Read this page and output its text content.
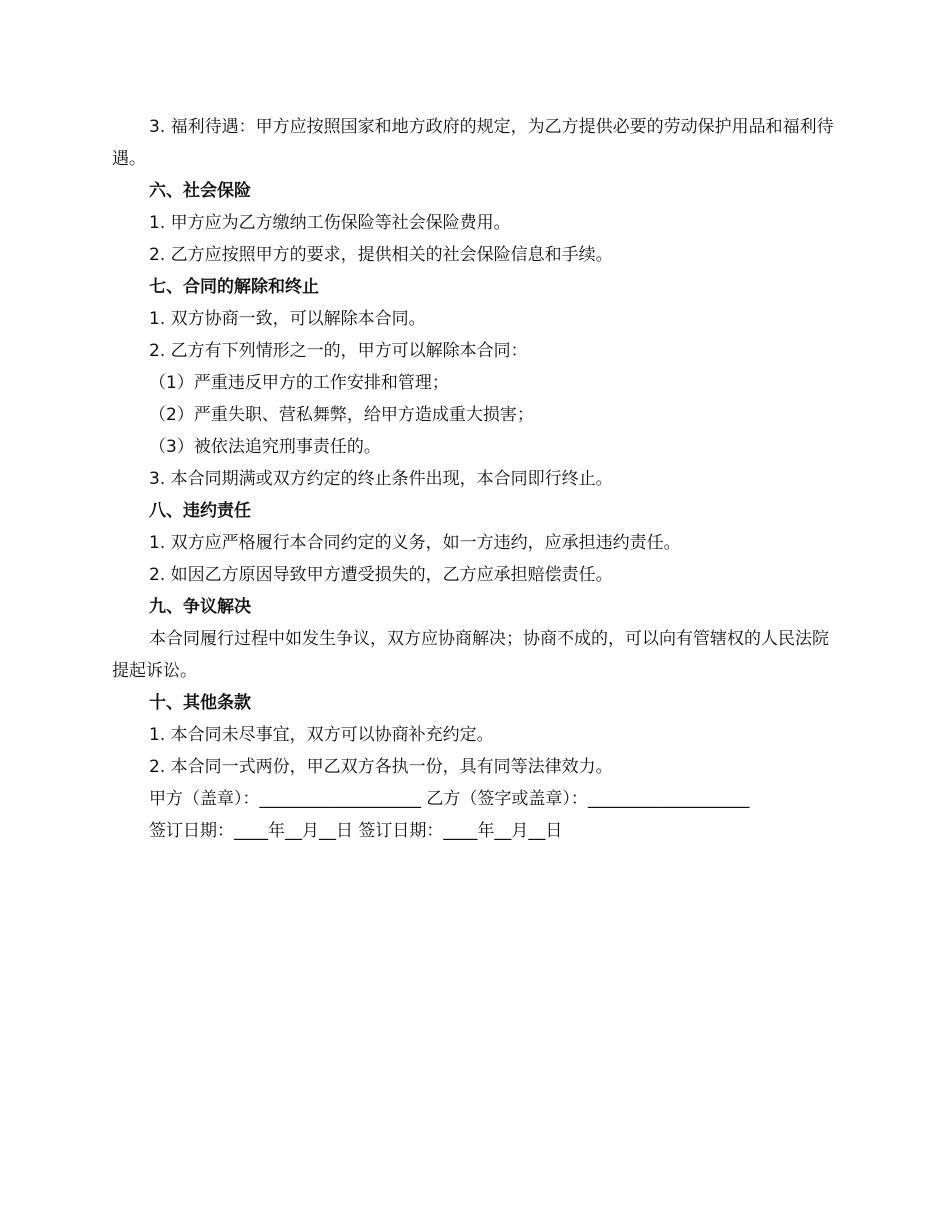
3. 福利待遇：甲方应按照国家和地方政府的规定，为乙方提供必要的劳动保护用品和福利待遇。

六、社会保险

1. 甲方应为乙方缴纳工伤保险等社会保险费用。

2. 乙方应按照甲方的要求，提供相关的社会保险信息和手续。

七、合同的解除和终止

1. 双方协商一致，可以解除本合同。

2. 乙方有下列情形之一的，甲方可以解除本合同：

（1）严重违反甲方的工作安排和管理；

（2）严重失职、营私舞弊，给甲方造成重大损害；

（3）被依法追究刑事责任的。

3. 本合同期满或双方约定的终止条件出现，本合同即行终止。

八、违约责任

1. 双方应严格履行本合同约定的义务，如一方违约，应承担违约责任。

2. 如因乙方原因导致甲方遭受损失的，乙方应承担赔偿责任。

九、争议解决

本合同履行过程中如发生争议，双方应协商解决；协商不成的，可以向有管辖权的人民法院提起诉讼。

十、其他条款

1. 本合同未尽事宜，双方可以协商补充约定。

2. 本合同一式两份，甲乙双方各执一份，具有同等法律效力。

甲方（盖章）：___________________ 乙方（签字或盖章）：___________________

签订日期：____年__月__日 签订日期：____年__月__日
